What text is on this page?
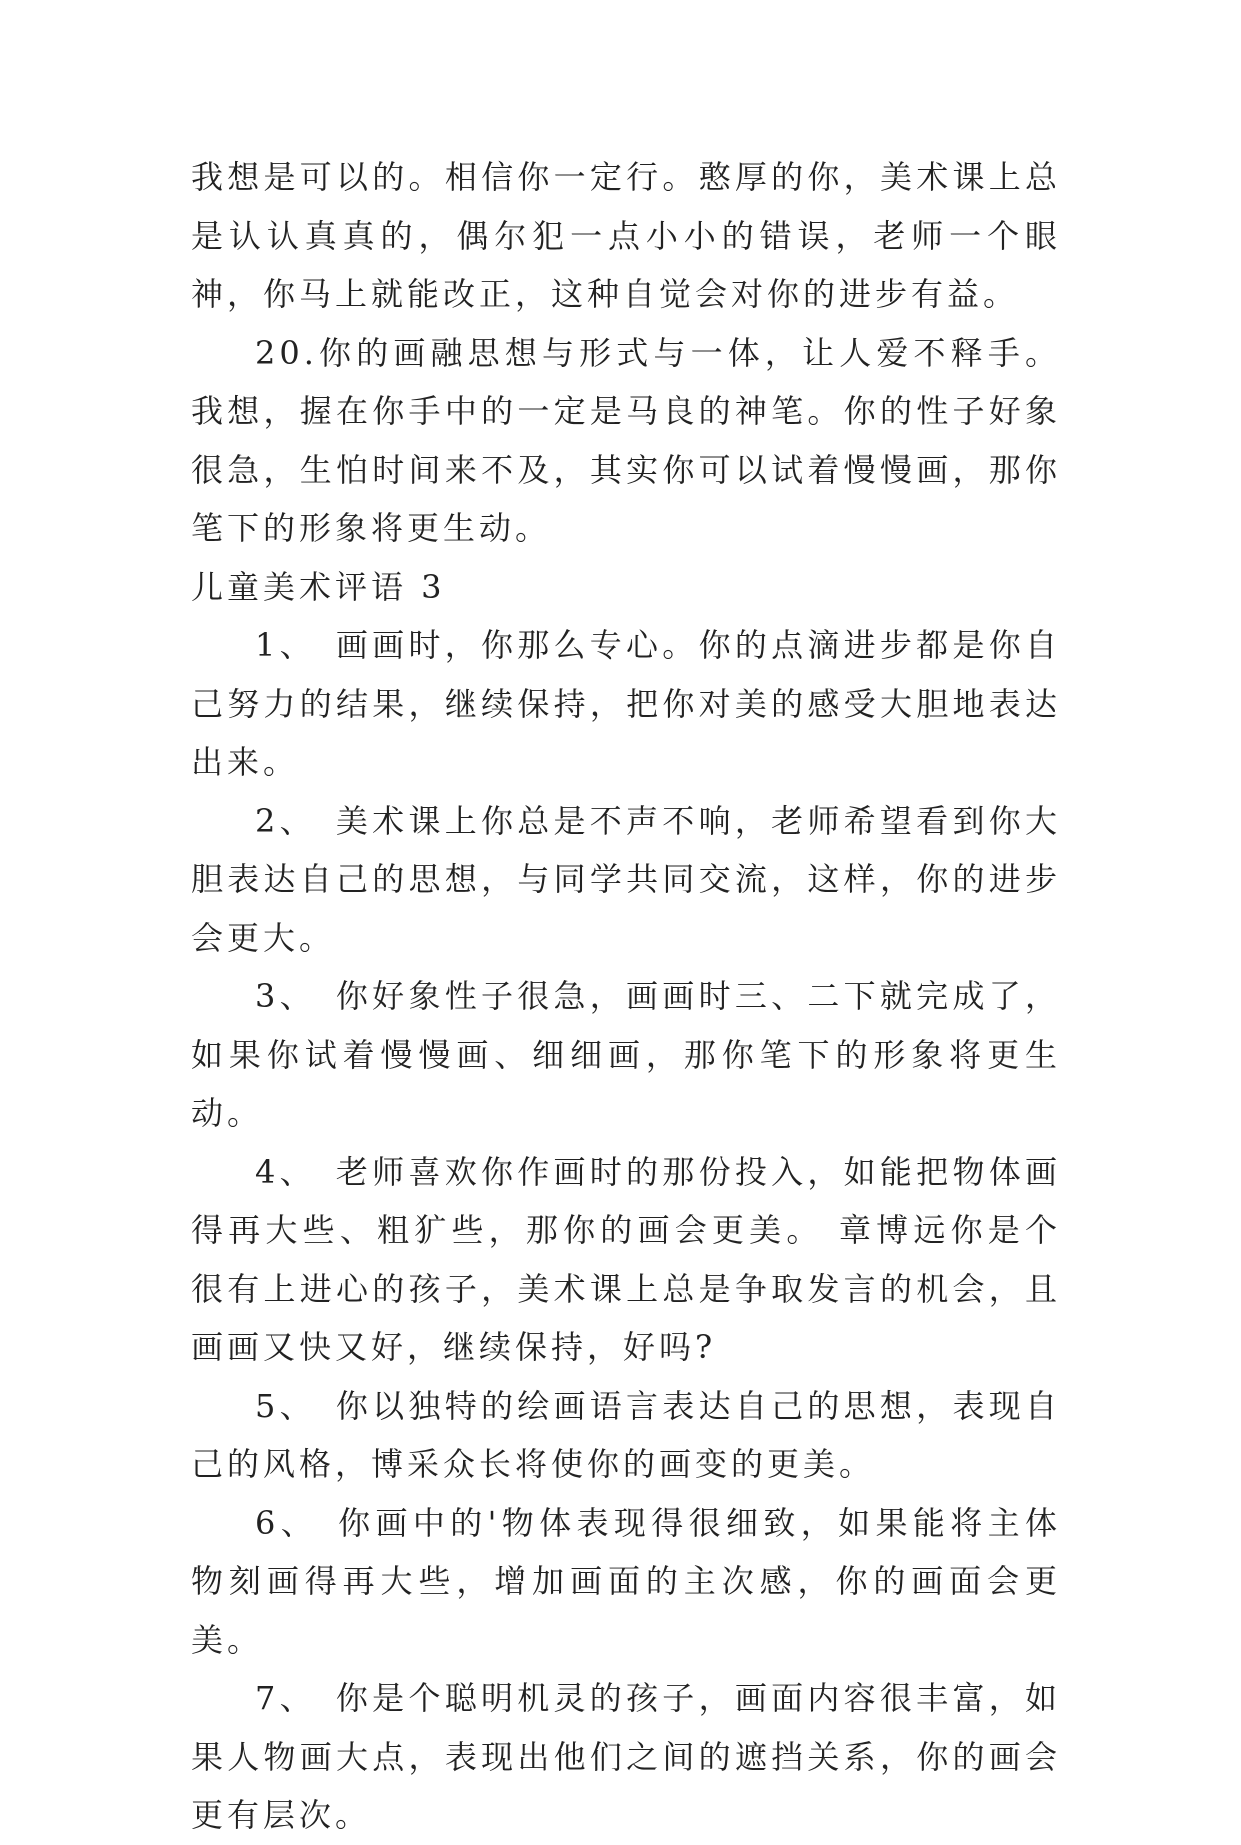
我想是可以的。相信你一定行。憨厚的你，美术课上总是认认真真的，偶尔犯一点小小的错误，老师一个眼神，你马上就能改正，这种自觉会对你的进步有益。

20.你的画融思想与形式与一体，让人爱不释手。我想，握在你手中的一定是马良的神笔。你的性子好象很急，生怕时间来不及，其实你可以试着慢慢画，那你笔下的形象将更生动。

儿童美术评语 3

1、 画画时，你那么专心。你的点滴进步都是你自己努力的结果，继续保持，把你对美的感受大胆地表达出来。

2、 美术课上你总是不声不响，老师希望看到你大胆表达自己的思想，与同学共同交流，这样，你的进步会更大。

3、 你好象性子很急，画画时三、二下就完成了，如果你试着慢慢画、细细画，那你笔下的形象将更生动。

4、 老师喜欢你作画时的那份投入，如能把物体画得再大些、粗犷些，那你的画会更美。 章博远你是个很有上进心的孩子，美术课上总是争取发言的机会，且画画又快又好，继续保持，好吗?

5、 你以独特的绘画语言表达自己的思想，表现自己的风格，博采众长将使你的画变的更美。

6、 你画中的'物体表现得很细致，如果能将主体物刻画得再大些，增加画面的主次感，你的画面会更美。

7、 你是个聪明机灵的孩子，画面内容很丰富，如果人物画大点，表现出他们之间的遮挡关系，你的画会更有层次。
